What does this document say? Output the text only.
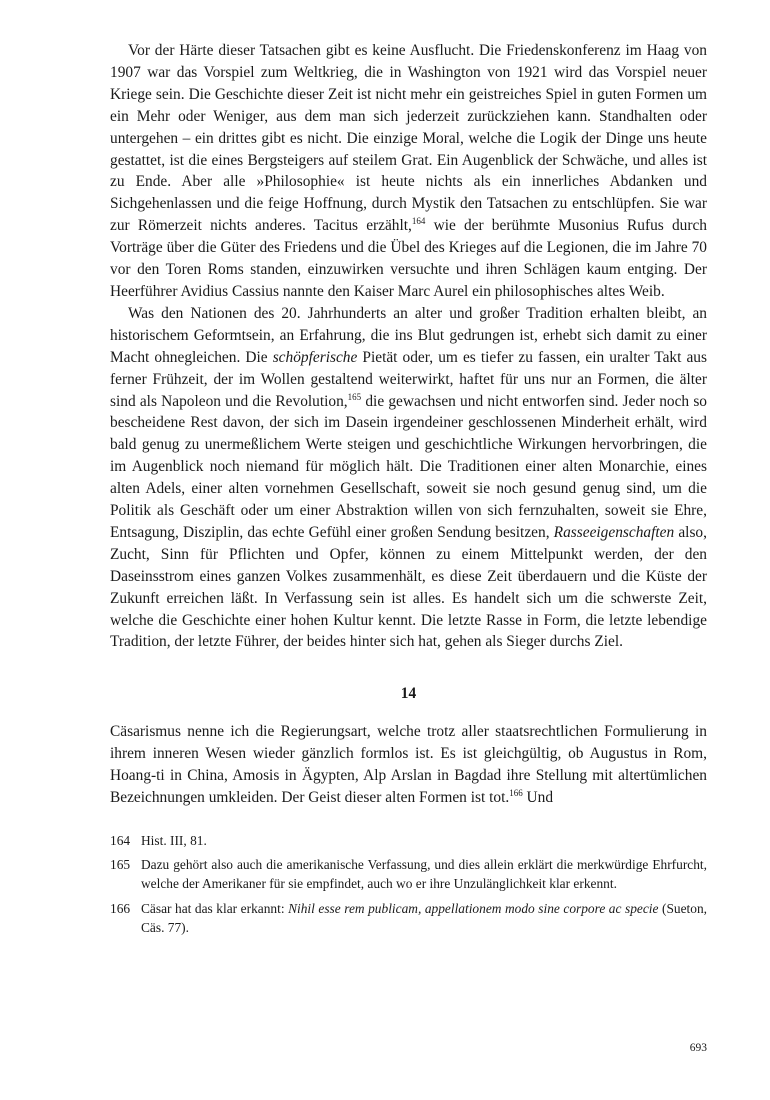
Vor der Härte dieser Tatsachen gibt es keine Ausflucht. Die Friedenskonferenz im Haag von 1907 war das Vorspiel zum Weltkrieg, die in Washington von 1921 wird das Vorspiel neuer Kriege sein. Die Geschichte dieser Zeit ist nicht mehr ein geistreiches Spiel in guten Formen um ein Mehr oder Weniger, aus dem man sich jederzeit zurückziehen kann. Standhalten oder untergehen – ein drittes gibt es nicht. Die einzige Moral, welche die Logik der Dinge uns heute gestattet, ist die eines Bergsteigers auf steilem Grat. Ein Augenblick der Schwäche, und alles ist zu Ende. Aber alle »Philosophie« ist heute nichts als ein innerliches Abdanken und Sichgehenlassen und die feige Hoffnung, durch Mystik den Tatsachen zu entschlüpfen. Sie war zur Römerzeit nichts anderes. Tacitus erzählt,$^{164}$ wie der berühmte Musonius Rufus durch Vorträge über die Güter des Friedens und die Übel des Krieges auf die Legionen, die im Jahre 70 vor den Toren Roms standen, einzuwirken versuchte und ihren Schlägen kaum entging. Der Heerführer Avidius Cassius nannte den Kaiser Marc Aurel ein philosophisches altes Weib.

Was den Nationen des 20. Jahrhunderts an alter und großer Tradition erhalten bleibt, an historischem Geformtsein, an Erfahrung, die ins Blut gedrungen ist, erhebt sich damit zu einer Macht ohnegleichen. Die schöpferische Pietät oder, um es tiefer zu fassen, ein uralter Takt aus ferner Frühzeit, der im Wollen gestaltend weiterwirkt, haftet für uns nur an Formen, die älter sind als Napoleon und die Revolution,$^{165}$ die gewachsen und nicht entworfen sind. Jeder noch so bescheidene Rest davon, der sich im Dasein irgendeiner geschlossenen Minderheit erhält, wird bald genug zu unermeßlichem Werte steigen und geschichtliche Wirkungen hervorbringen, die im Augenblick noch niemand für möglich hält. Die Traditionen einer alten Monarchie, eines alten Adels, einer alten vornehmen Gesellschaft, soweit sie noch gesund genug sind, um die Politik als Geschäft oder um einer Abstraktion willen von sich fernzuhalten, soweit sie Ehre, Entsagung, Disziplin, das echte Gefühl einer großen Sendung besitzen, Rasseeigenschaften also, Zucht, Sinn für Pflichten und Opfer, können zu einem Mittelpunkt werden, der den Daseinsstrom eines ganzen Volkes zusammenhält, es diese Zeit überdauern und die Küste der Zukunft erreichen läßt. In Verfassung sein ist alles. Es handelt sich um die schwerste Zeit, welche die Geschichte einer hohen Kultur kennt. Die letzte Rasse in Form, die letzte lebendige Tradition, der letzte Führer, der beides hinter sich hat, gehen als Sieger durchs Ziel.

14

Cäsarismus nenne ich die Regierungsart, welche trotz aller staatsrechtlichen Formulierung in ihrem inneren Wesen wieder gänzlich formlos ist. Es ist gleichgültig, ob Augustus in Rom, Hoang-ti in China, Amosis in Ägypten, Alp Arslan in Bagdad ihre Stellung mit altertümlichen Bezeichnungen umkleiden. Der Geist dieser alten Formen ist tot.$^{166}$ Und

164 Hist. III, 81.
165 Dazu gehört also auch die amerikanische Verfassung, und dies allein erklärt die merkwürdige Ehrfurcht, welche der Amerikaner für sie empfindet, auch wo er ihre Unzulänglichkeit klar erkennt.
166 Cäsar hat das klar erkannt: Nihil esse rem publicam, appellationem modo sine corpore ac specie (Sueton, Cäs. 77).
693
